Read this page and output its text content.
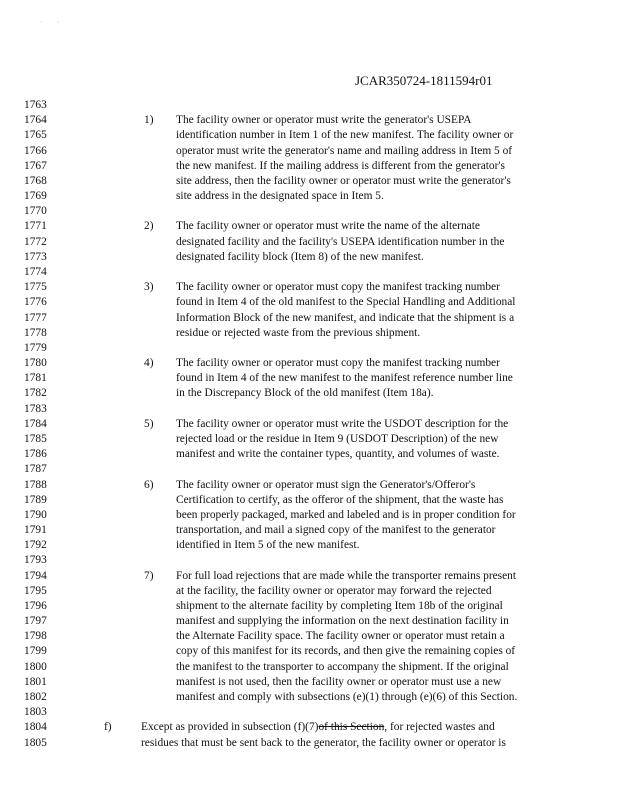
·          ·
JCAR350724-1811594r01
1763
1764	1) The facility owner or operator must write the generator's USEPA
1765	identification number in Item 1 of the new manifest. The facility owner or
1766	operator must write the generator's name and mailing address in Item 5 of
1767	the new manifest. If the mailing address is different from the generator's
1768	site address, then the facility owner or operator must write the generator's
1769	site address in the designated space in Item 5.
1770
1771	2) The facility owner or operator must write the name of the alternate
1772	designated facility and the facility's USEPA identification number in the
1773	designated facility block (Item 8) of the new manifest.
1774
1775	3) The facility owner or operator must copy the manifest tracking number
1776	found in Item 4 of the old manifest to the Special Handling and Additional
1777	Information Block of the new manifest, and indicate that the shipment is a
1778	residue or rejected waste from the previous shipment.
1779
1780	4) The facility owner or operator must copy the manifest tracking number
1781	found in Item 4 of the new manifest to the manifest reference number line
1782	in the Discrepancy Block of the old manifest (Item 18a).
1783
1784	5) The facility owner or operator must write the USDOT description for the
1785	rejected load or the residue in Item 9 (USDOT Description) of the new
1786	manifest and write the container types, quantity, and volumes of waste.
1787
1788	6) The facility owner or operator must sign the Generator's/Offeror's
1789	Certification to certify, as the offeror of the shipment, that the waste has
1790	been properly packaged, marked and labeled and is in proper condition for
1791	transportation, and mail a signed copy of the manifest to the generator
1792	identified in Item 5 of the new manifest.
1793
1794	7) For full load rejections that are made while the transporter remains present
1795	at the facility, the facility owner or operator may forward the rejected
1796	shipment to the alternate facility by completing Item 18b of the original
1797	manifest and supplying the information on the next destination facility in
1798	the Alternate Facility space. The facility owner or operator must retain a
1799	copy of this manifest for its records, and then give the remaining copies of
1800	the manifest to the transporter to accompany the shipment. If the original
1801	manifest is not used, then the facility owner or operator must use a new
1802	manifest and comply with subsections (e)(1) through (e)(6) of this Section.
1803
1804	f)	Except as provided in subsection (f)(7)of this Section, for rejected wastes and
1805	residues that must be sent back to the generator, the facility owner or operator is
